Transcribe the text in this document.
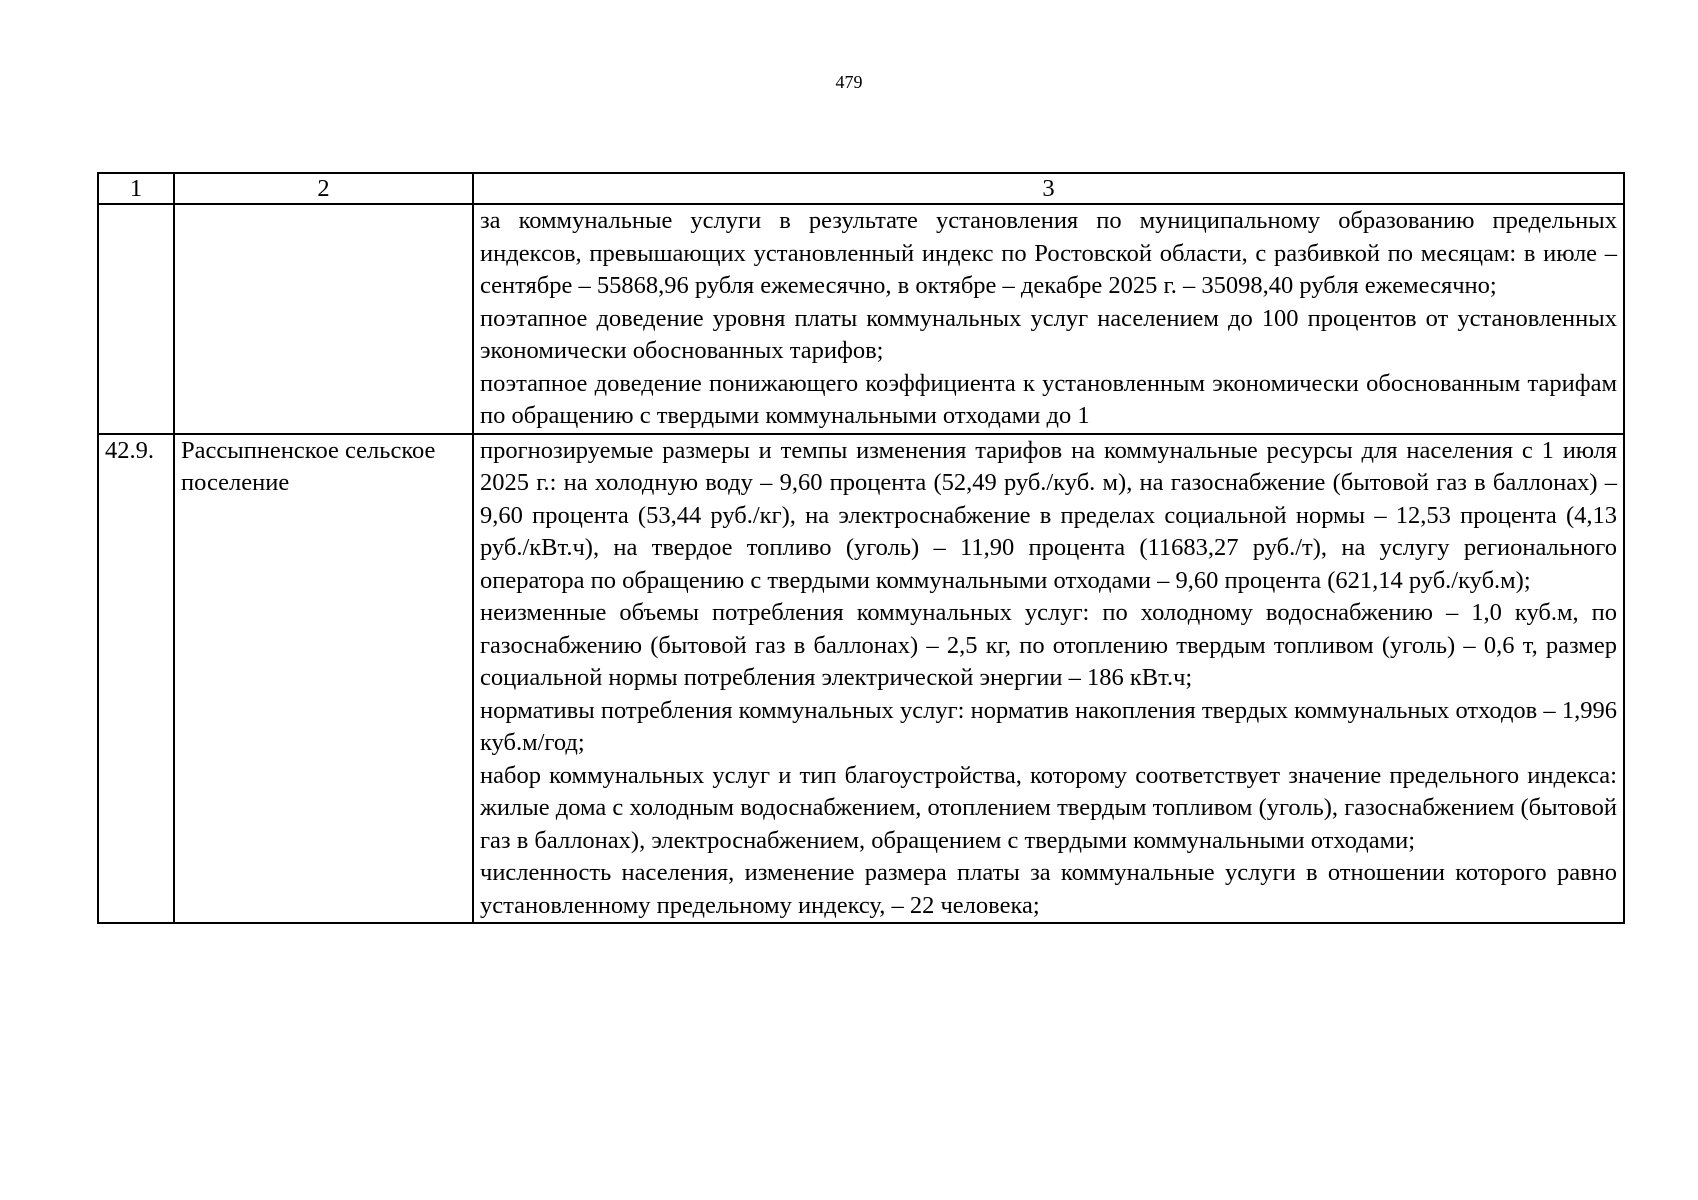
479
1	2	3

		за коммунальные услуги в результате установления по муниципальному образованию предельных индексов, превышающих установленный индекс по Ростовской области, с разбивкой по месяцам: в июле – сентябре – 55868,96 рубля ежемесячно, в октябре – декабре 2025 г. – 35098,40 рубля ежемесячно;
поэтапное доведение уровня платы коммунальных услуг населением до 100 процентов от установленных экономически обоснованных тарифов;
поэтапное доведение понижающего коэффициента к установленным экономически обоснованным тарифам по обращению с твердыми коммунальными отходами до 1

42.9.	Рассыпненское сельское поселение	прогнозируемые размеры и темпы изменения тарифов на коммунальные ресурсы для населения с 1 июля 2025 г.: на холодную воду – 9,60 процента (52,49 руб./куб. м), на газоснабжение (бытовой газ в баллонах) – 9,60 процента (53,44 руб./кг), на электроснабжение в пределах социальной нормы – 12,53 процента (4,13 руб./кВт.ч), на твердое топливо (уголь) – 11,90 процента (11683,27 руб./т), на услугу регионального оператора по обращению с твердыми коммунальными отходами – 9,60 процента (621,14 руб./куб.м);
неизменные объемы потребления коммунальных услуг: по холодному водоснабжению – 1,0 куб.м, по газоснабжению (бытовой газ в баллонах) – 2,5 кг, по отоплению твердым топливом (уголь) – 0,6 т, размер социальной нормы потребления электрической энергии – 186 кВт.ч;
нормативы потребления коммунальных услуг: норматив накопления твердых коммунальных отходов – 1,996 куб.м/год;
набор коммунальных услуг и тип благоустройства, которому соответствует значение предельного индекса: жилые дома с холодным водоснабжением, отоплением твердым топливом (уголь), газоснабжением (бытовой газ в баллонах), электроснабжением, обращением с твердыми коммунальными отходами;
численность населения, изменение размера платы за коммунальные услуги в отношении которого равно установленному предельному индексу, – 22 человека;
